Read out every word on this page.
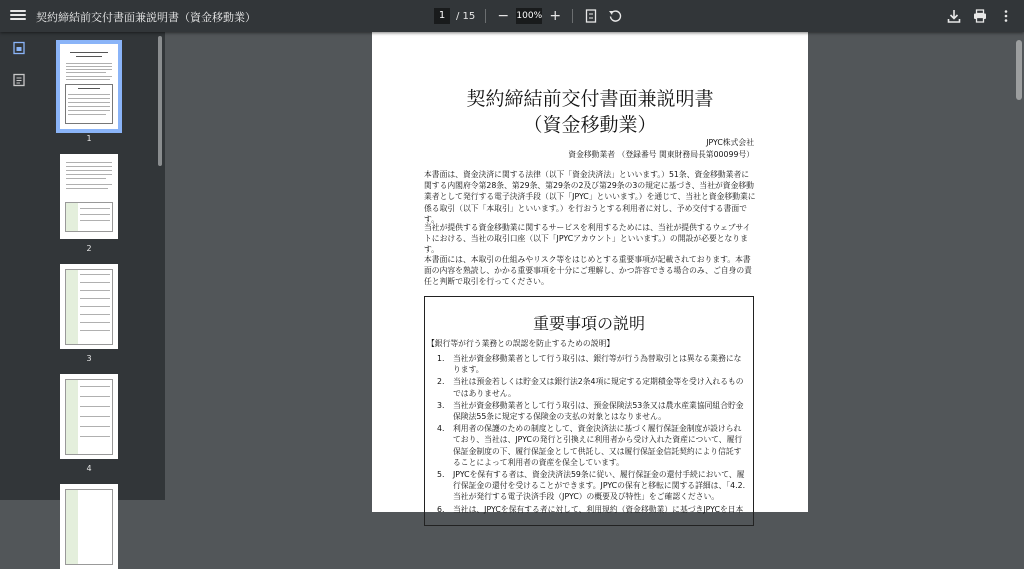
契約締結前交付書面兼説明書（資金移動業）	1	/ 15 − 100% +
1
2
3
4
契約締結前交付書面兼説明書
（資金移動業）
JPYC株式会社
資金移動業者 （登録番号 関東財務局長第00099号）
本書面は、資金決済に関する法律（以下「資金決済法」といいます。）51条、資金移動業者に関する内閣府令第28条、第29条、第29条の2及び第29条の3の規定に基づき、当社が資金移動業者として発行する電子決済手段（以下「JPYC」といいます。）を通じて、当社と資金移動業に係る取引（以下「本取引」といいます。）を行おうとする利用者に対し、予め交付する書面です。
当社が提供する資金移動業に関するサービスを利用するためには、当社が提供するウェブサイトにおける、当社の取引口座（以下「JPYCアカウント」といいます。）の開設が必要となります。
本書面には、本取引の仕組みやリスク等をはじめとする重要事項が記載されております。本書面の内容を熟読し、かかる重要事項を十分にご理解し、かつ許容できる場合のみ、ご自身の責任と判断で取引を行ってください。
重要事項の説明
【銀行等が行う業務との誤認を防止するための説明】
1. 当社が資金移動業者として行う取引は、銀行等が行う為替取引とは異なる業務になります。
2. 当社は預金若しくは貯金又は銀行法2条4項に規定する定期積金等を受け入れるものではありません。
3. 当社が資金移動業者として行う取引は、預金保険法53条又は農水産業協同組合貯金保険法55条に規定する保険金の支払の対象とはなりません。
4. 利用者の保護のための制度として、資金決済法に基づく履行保証金制度が設けられており、当社は、JPYCの発行と引換えに利用者から受け入れた資産について、履行保証金制度の下、履行保証金として供託し、又は履行保証金信託契約により信託することによって利用者の資産を保全しています。
5. JPYCを保有する者は、資金決済法59条に従い、履行保証金の還付手続において、履行保証金の還付を受けることができます。JPYCの保有と移転に関する詳細は、「4.2. 当社が発行する電子決済手段（JPYC）の概要及び特性」をご確認ください。
6. 当社は、JPYCを保有する者に対して、利用規約（資金移動業）に基づきJPYCを日本
